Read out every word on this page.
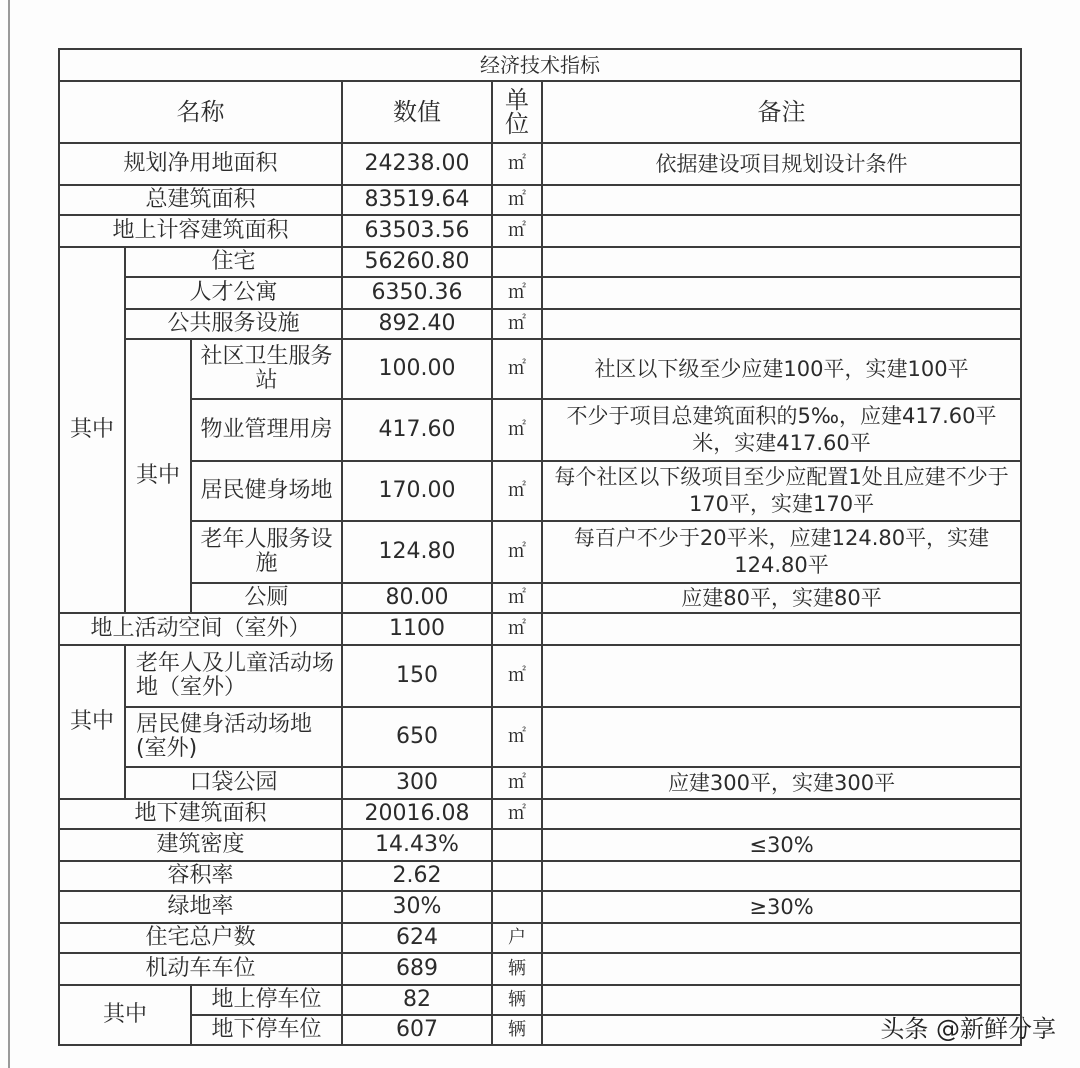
经济技术指标					
名称			数值	单位	备注
规划净用地面积			24238.00	㎡	依据建设项目规划设计条件
总建筑面积			83519.64	㎡	
地上计容建筑面积			63503.56	㎡	
其中	住宅		56260.80		
	人才公寓		6350.36	㎡	
	公共服务设施		892.40	㎡	
	其中	社区卫生服务站	100.00	㎡	社区以下级至少应建100平，实建100平
		物业管理用房	417.60	㎡	不少于项目总建筑面积的5‰，应建417.60平米，实建417.60平
		居民健身场地	170.00	㎡	每个社区以下级项目至少应配置1处且应建不少于170平，实建170平
		老年人服务设施	124.80	㎡	每百户不少于20平米，应建124.80平，实建124.80平
		公厕	80.00	㎡	应建80平，实建80平
地上活动空间（室外）			1100	㎡	
其中	老年人及儿童活动场地（室外）		150	㎡	
	居民健身活动场地(室外)		650	㎡	
	口袋公园		300	㎡	应建300平，实建300平
地下建筑面积			20016.08	㎡	
建筑密度			14.43%		≤30%
容积率			2.62		
绿地率			30%		≥30%
住宅总户数			624	户	
机动车车位			689	辆	
其中		地上停车位	82	辆	
		地下停车位	607	辆		头条 @新鲜分享
